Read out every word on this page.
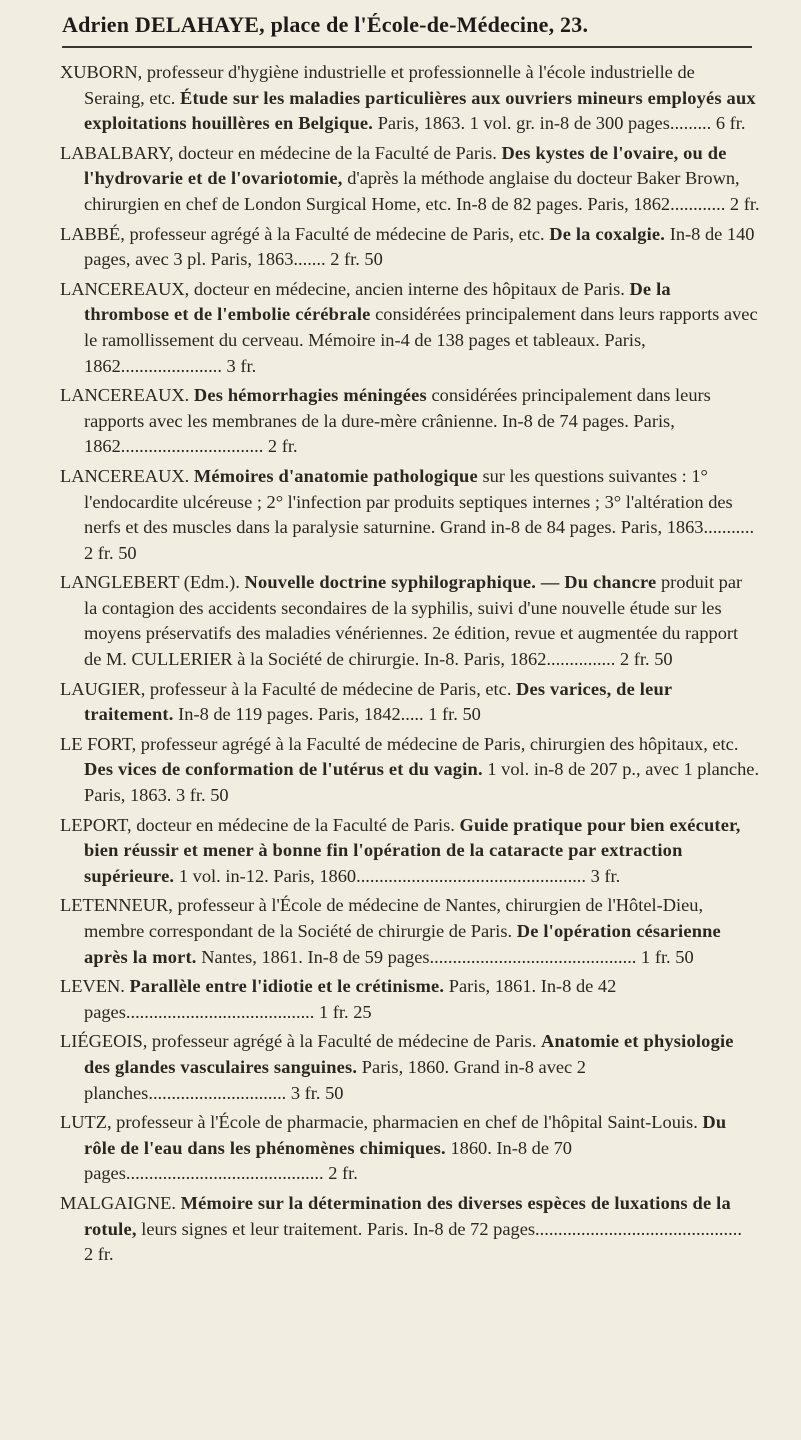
Adrien DELAHAYE, place de l'École-de-Médecine, 23.

XUBORN, professeur d'hygiène industrielle et professionnelle à l'école industrielle de Seraing, etc. Étude sur les maladies particulières aux ouvriers mineurs employés aux exploitations houillères en Belgique. Paris, 1863. 1 vol. gr. in-8 de 300 pages......... 6 fr.

LABALBARY, docteur en médecine de la Faculté de Paris. Des kystes de l'ovaire, ou de l'hydrovarie et de l'ovariotomie, d'après la méthode anglaise du docteur Baker Brown, chirurgien en chef de London Surgical Home, etc. In-8 de 82 pages. Paris, 1862............ 2 fr.

LABBÉ, professeur agrégé à la Faculté de médecine de Paris, etc. De la coxalgie. In-8 de 140 pages, avec 3 pl. Paris, 1863....... 2 fr. 50

LANCEREAUX, docteur en médecine, ancien interne des hôpitaux de Paris. De la thrombose et de l'embolie cérébrale considérées principalement dans leurs rapports avec le ramollissement du cerveau. Mémoire in-4 de 138 pages et tableaux. Paris, 1862...................... 3 fr.

LANCEREAUX. Des hémorrhagies méningées considérées principalement dans leurs rapports avec les membranes de la dure-mère crânienne. In-8 de 74 pages. Paris, 1862............................... 2 fr.

LANCEREAUX. Mémoires d'anatomie pathologique sur les questions suivantes : 1° l'endocardite ulcéreuse ; 2° l'infection par produits septiques internes ; 3° l'altération des nerfs et des muscles dans la paralysie saturnine. Grand in-8 de 84 pages. Paris, 1863........... 2 fr. 50

LANGLEBERT (Edm.). Nouvelle doctrine syphilographique. — Du chancre produit par la contagion des accidents secondaires de la syphilis, suivi d'une nouvelle étude sur les moyens préservatifs des maladies vénériennes. 2e édition, revue et augmentée du rapport de M. CULLERIER à la Société de chirurgie. In-8. Paris, 1862............... 2 fr. 50

LAUGIER, professeur à la Faculté de médecine de Paris, etc. Des varices, de leur traitement. In-8 de 119 pages. Paris, 1842..... 1 fr. 50

LE FORT, professeur agrégé à la Faculté de médecine de Paris, chirurgien des hôpitaux, etc. Des vices de conformation de l'utérus et du vagin. 1 vol. in-8 de 207 p., avec 1 planche. Paris, 1863. 3 fr. 50

LEPORT, docteur en médecine de la Faculté de Paris. Guide pratique pour bien exécuter, bien réussir et mener à bonne fin l'opération de la cataracte par extraction supérieure. 1 vol. in-12. Paris, 1860.................................................. 3 fr.

LETENNEUR, professeur à l'École de médecine de Nantes, chirurgien de l'Hôtel-Dieu, membre correspondant de la Société de chirurgie de Paris. De l'opération césarienne après la mort. Nantes, 1861. In-8 de 59 pages............................................. 1 fr. 50

LEVEN. Parallèle entre l'idiotie et le crétinisme. Paris, 1861. In-8 de 42 pages......................................... 1 fr. 25

LIÉGEOIS, professeur agrégé à la Faculté de médecine de Paris. Anatomie et physiologie des glandes vasculaires sanguines. Paris, 1860. Grand in-8 avec 2 planches.............................. 3 fr. 50

LUTZ, professeur à l'École de pharmacie, pharmacien en chef de l'hôpital Saint-Louis. Du rôle de l'eau dans les phénomènes chimiques. 1860. In-8 de 70 pages........................................... 2 fr.

MALGAIGNE. Mémoire sur la détermination des diverses espèces de luxations de la rotule, leurs signes et leur traitement. Paris. In-8 de 72 pages............................................. 2 fr.
